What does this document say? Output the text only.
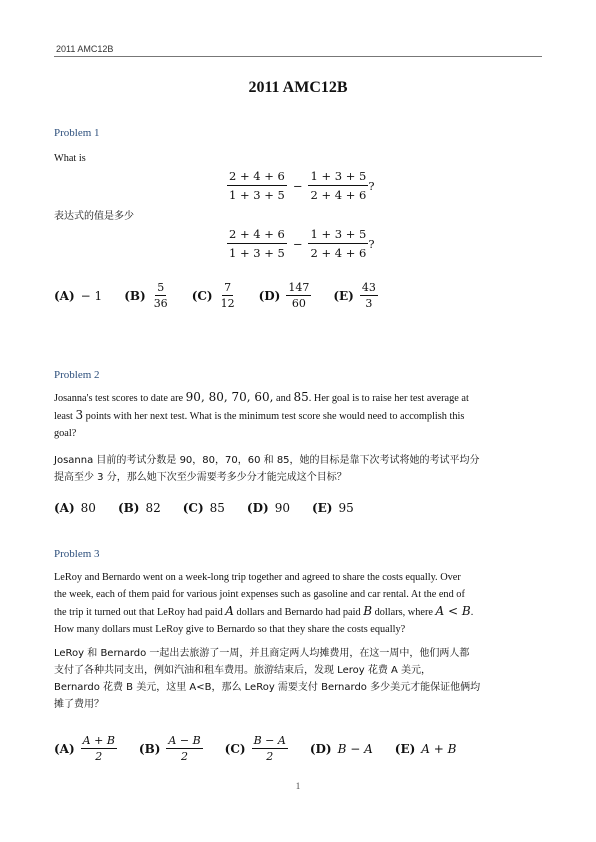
2011 AMC12B
2011 AMC12B
Problem 1
What is
$\frac{2 + 4 + 6}{1 + 3 + 5} - \frac{1 + 3 + 5}{2 + 4 + 6}$ ?
表达式的值是多少
$\frac{2 + 4 + 6}{1 + 3 + 5} - \frac{1 + 3 + 5}{2 + 4 + 6}$ ?
(A) − 1 $(B) \frac{5}{36} (C) \frac{7}{12} (D) \frac{147}{60} (E) \frac{43}{3}$
Problem 2
Josanna's test scores to date are 90, 80, 70, 60, and 85. Her goal is to raise her test average at
least 3 points with her next test. What is the minimum test score she would need to accomplish this
goal?
Josanna 目前的考试分数是 90，80，70，60 和 85，她的目标是靠下次考试将她的考试平均分
提高至少 3 分，那么她下次至少需要考多少分才能完成这个目标？
(A) 80 (B) 82 (C) 85 (D) 90 (E) 95
Problem 3
LeRoy and Bernardo went on a week-long trip together and agreed to share the costs equally. Over
the week, each of them paid for various joint expenses such as gasoline and car rental. At the end of
the trip it turned out that LeRoy had paid A dollars and Bernardo had paid B dollars, where A < B.
How many dollars must LeRoy give to Bernardo so that they share the costs equally?
LeRoy 和 Bernardo 一起出去旅游了一周，并且商定两人均摊费用，在这一周中，他们两人都
支付了各种共同支出，例如汽油和租车费用。旅游结束后，发现 Leroy 花费 A 美元，
Bernardo 花费 B 美元，这里 A<B，那么 LeRoy 需要支付 Bernardo 多少美元才能保证他俩均
摊了费用？
$(A) \frac{A + B}{2} (B) \frac{A - B}{2} (C) \frac{B - A}{2} (D) B - A$ (E) A + B
1
